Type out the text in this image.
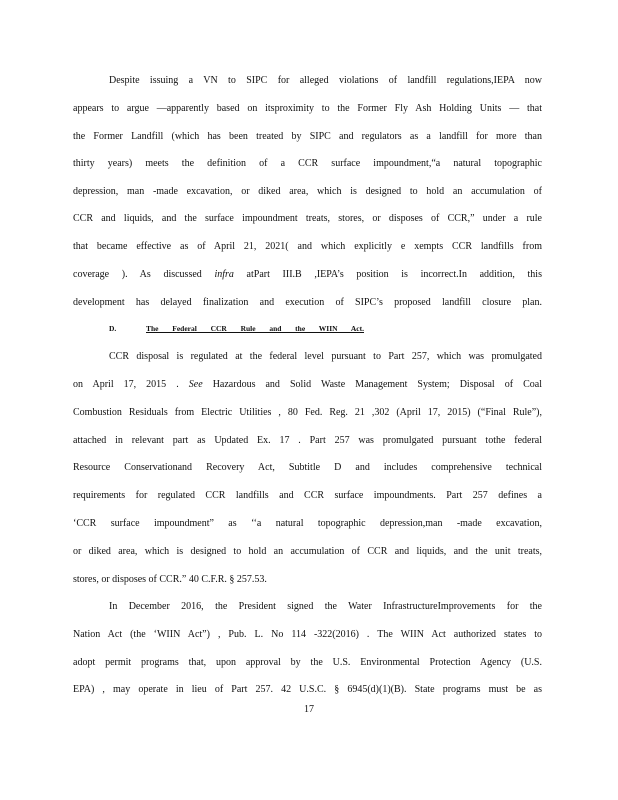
Despite issuing a VN to SIPC for alleged violations of landfill regulations,IEPA now
appears to argue —apparently based on itsproximity to the Former Fly Ash Holding Units — that
the Former Landfill (which has been treated by SIPC and regulators as a landfill for more than
thirty years) meets the definition of a CCR surface impoundment,“a natural topographic
depression, man -made excavation, or diked area, which is designed to hold an accumulation of
CCR and liquids, and the surface impoundment treats, stores, or disposes of CCR,” under a rule
that became effective as of April 21, 2021( and which explicitly e xempts CCR landfills from
coverage ). As discussed infra atPart III.B ,IEPA’s position is incorrect.In addition, this
development has delayed finalization and execution of SIPC’s proposed landfill closure plan.
D.	The Federal CCR Rule and the WIIN Act.
CCR disposal is regulated at the federal level pursuant to Part 257, which was promulgated
on April 17, 2015 . See Hazardous and Solid Waste Management System; Disposal of Coal
Combustion Residuals from Electric Utilities , 80 Fed. Reg. 21 ,302 (April 17, 2015) (“Final Rule”),
attached in relevant part as Updated Ex. 17 . Part 257 was promulgated pursuant tothe federal
Resource Conservationand Recovery Act, Subtitle D and includes comprehensive technical
requirements for regulated CCR landfills and CCR surface impoundments. Part 257 defines a
‘CCR surface impoundment” as ‘‘a natural topographic depression,man -made excavation,
or diked area, which is designed to hold an accumulation of CCR and liquids, and the unit treats,
stores, or disposes of CCR.” 40 C.F.R. § 257.53.
In December 2016, the President signed the Water InfrastructureImprovements for the
Nation Act (the ‘WIIN Act”) , Pub. L. No 114 -322(2016) . The WIIN Act authorized states to
adopt permit programs that, upon approval by the U.S. Environmental Protection Agency (U.S.
EPA) , may operate in lieu of Part 257. 42 U.S.C. § 6945(d)(1)(B). State programs must be as
17
